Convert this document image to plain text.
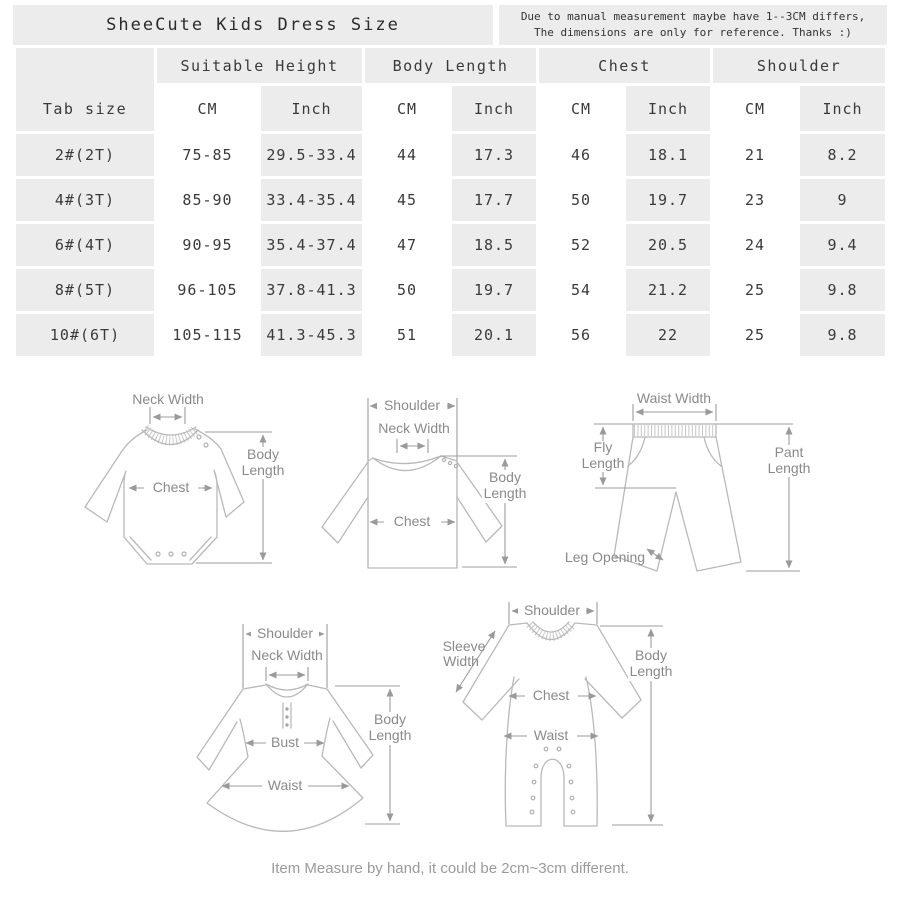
SheeCute Kids Dress Size	Due to manual measurement maybe have 1--3CM differs,
The dimensions are only for reference. Thanks :)
Tab size	Suitable Height		Body Length		Chest		Shoulder	
	CM	Inch	CM	Inch	CM	Inch	CM	Inch
2#(2T)	75-85	29.5-33.4	44	17.3	46	18.1	21	8.2
4#(3T)	85-90	33.4-35.4	45	17.7	50	19.7	23	9
6#(4T)	90-95	35.4-37.4	47	18.5	52	20.5	24	9.4
8#(5T)	96-105	37.8-41.3	50	19.7	54	21.2	25	9.8
10#(6T)	105-115	41.3-45.3	51	20.1	56	22	25	9.8
Neck Width
Chest
Body
Length
Shoulder
Neck Width
Chest
Body
Length
Waist Width
Fly
Length
Pant
Length
Leg Opening
Shoulder
Neck Width
Bust
Waist
Body
Length
Shoulder
Sleeve
Width
Chest
Waist
Body
Length
Item Measure by hand, it could be 2cm~3cm different.
